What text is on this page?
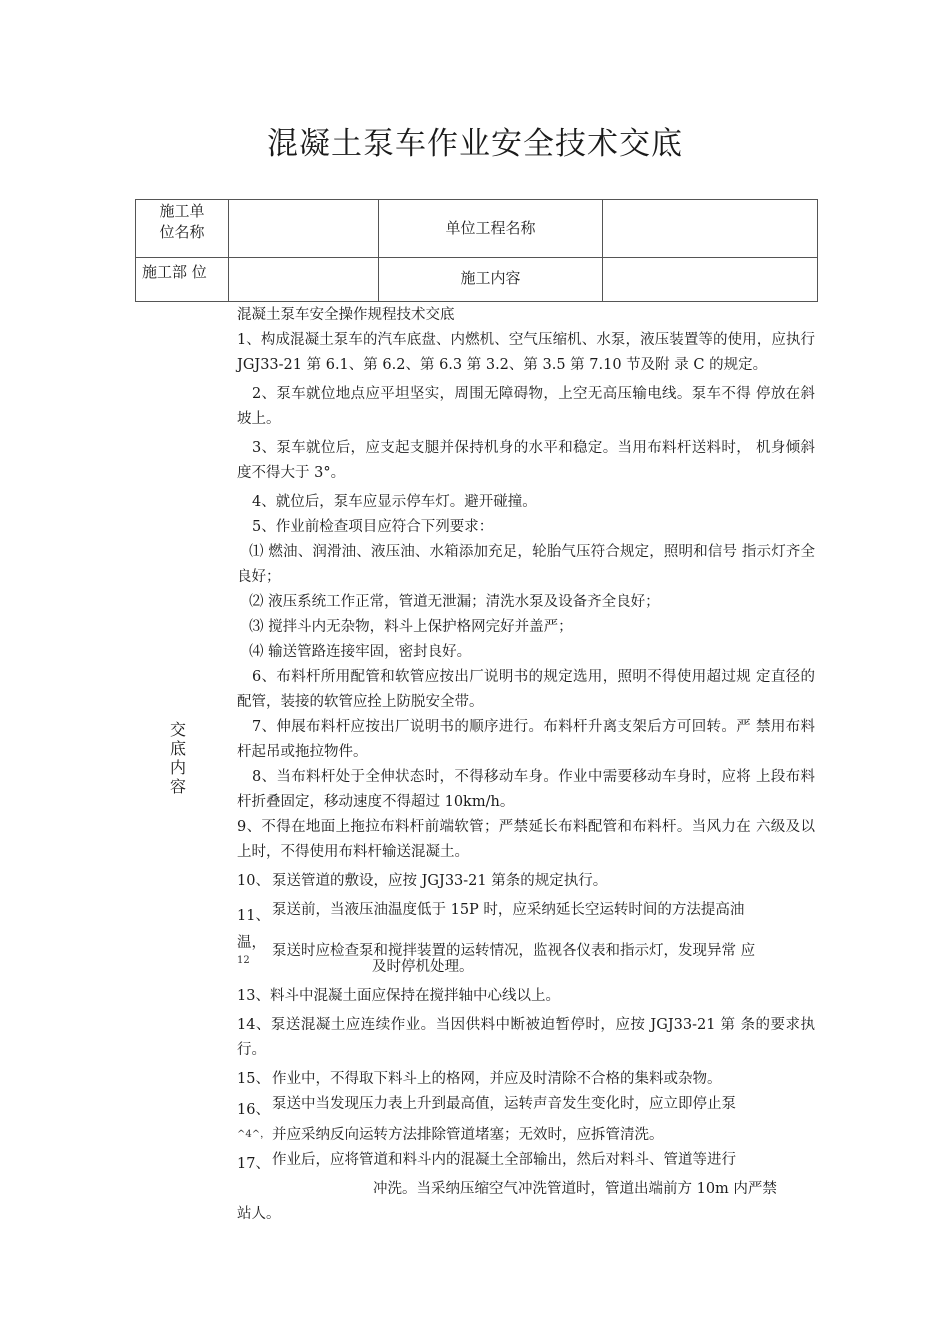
混凝土泵车作业安全技术交底
施工单
位名称		单位工程名称	
施工部 位		施工内容	
交
底
内
容

混凝土泵车安全操作规程技术交底

1、构成混凝土泵车的汽车底盘、内燃机、空气压缩机、水泵，液压装置等的使用，应执行 JGJ33-21 第 6.1、第 6.2、第 6.3 第 3.2、第 3.5 第 7.10 节及附 录 C 的规定。

2、泵车就位地点应平坦坚实，周围无障碍物，上空无高压输电线。泵车不得 停放在斜坡上。

3、泵车就位后，应支起支腿并保持机身的水平和稳定。当用布料杆送料时， 机身倾斜度不得大于 3°。

4、就位后，泵车应显示停车灯。避开碰撞。

5、作业前检查项目应符合下列要求：

⑴ 燃油、润滑油、液压油、水箱添加充足，轮胎气压符合规定，照明和信号 指示灯齐全良好；

⑵ 液压系统工作正常，管道无泄漏；清洗水泵及设备齐全良好；

⑶ 搅拌斗内无杂物，料斗上保护格网完好并盖严；

⑷ 输送管路连接牢固，密封良好。

6、布料杆所用配管和软管应按出厂说明书的规定选用，照明不得使用超过规 定直径的配管，装接的软管应拴上防脱安全带。

7、伸展布料杆应按出厂说明书的顺序进行。布料杆升离支架后方可回转。严 禁用布料杆起吊或拖拉物件。

8、当布料杆处于全伸状态时，不得移动车身。作业中需要移动车身时，应将 上段布料杆折叠固定，移动速度不得超过 10km/h。

9、不得在地面上拖拉布料杆前端软管；严禁延长布料配管和布料杆。当风力在 六级及以上时，不得使用布料杆输送混凝土。

10、 泵送管道的敷设，应按 JGJ33-21 第条的规定执行。
11、 泵送前，当液压油温度低于 15P 时，应采纳延长空运转时间的方法提高油
温， 泵送时应检查泵和搅拌装置的运转情况，监视各仪表和指示灯，发现异常 应
12	及时停机处理。

13、料斗中混凝土面应保持在搅拌轴中心线以上。

14、泵送混凝土应连续作业。当因供料中断被迫暂停时，应按 JGJ33-21 第 条的要求执行。

15、 作业中，不得取下料斗上的格网，并应及时清除不合格的集料或杂物。
16、 泵送中当发现压力表上升到最高值，运转声音发生变化时，应立即停止泵
^4^， 并应采纳反向运转方法排除管道堵塞；无效时，应拆管清洗。
17、 作业后，应将管道和料斗内的混凝土全部输出，然后对料斗、管道等进行

冲洗。当采纳压缩空气冲洗管道时，管道出端前方 10m 内严禁

站人。
